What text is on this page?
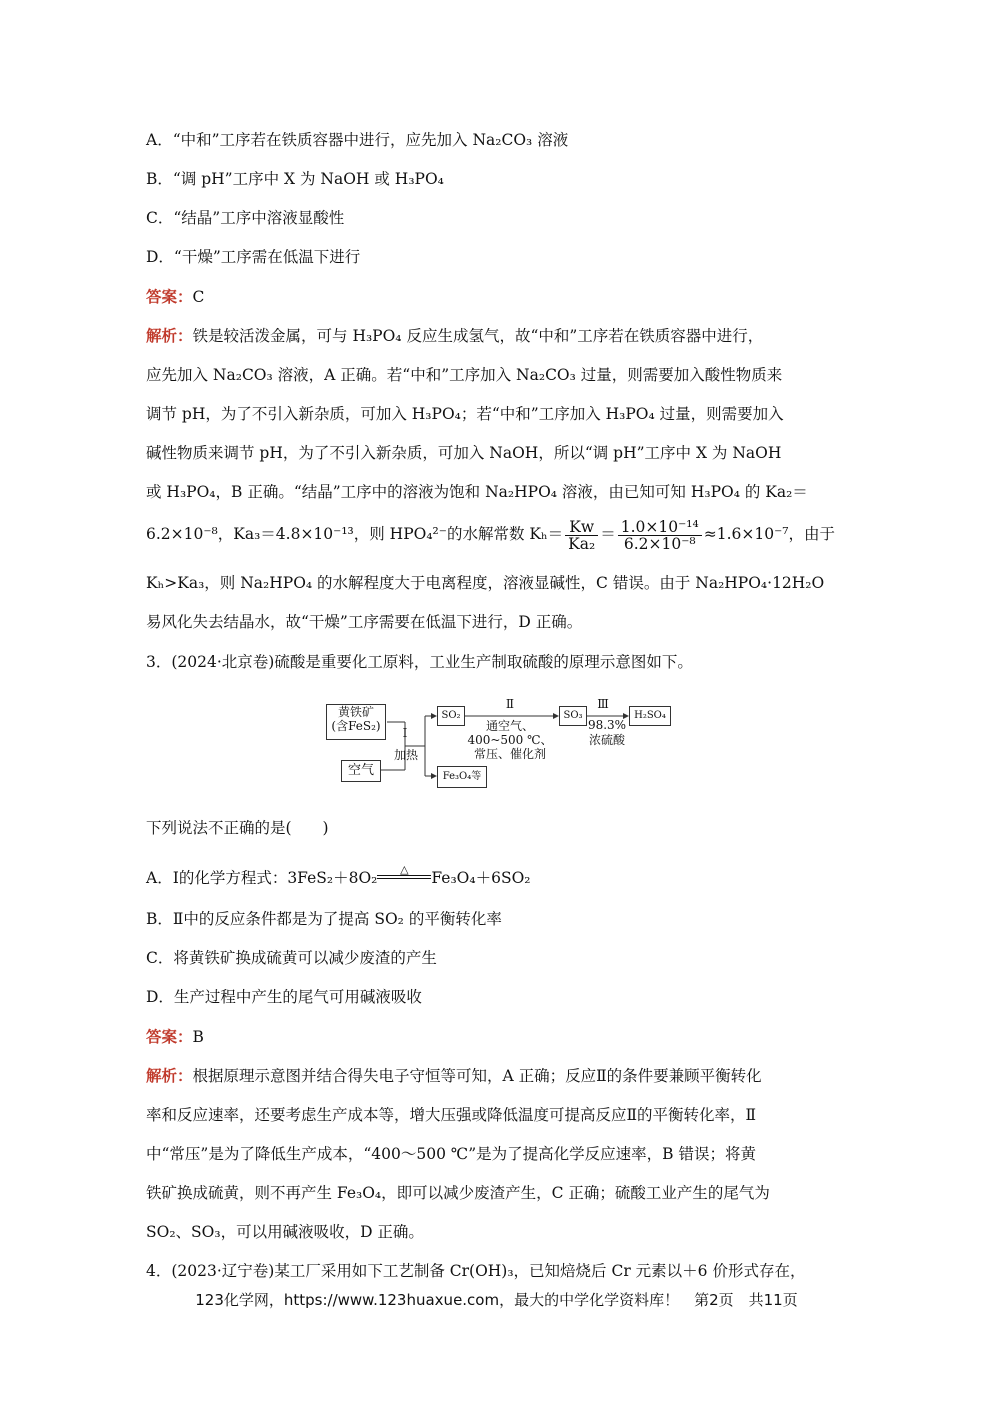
A．“中和”工序若在铁质容器中进行，应先加入 Na₂CO₃ 溶液
B．“调 pH”工序中 X 为 NaOH 或 H₃PO₄
C．“结晶”工序中溶液显酸性
D．“干燥”工序需在低温下进行
答案：C
解析：铁是较活泼金属，可与 H₃PO₄ 反应生成氢气，故“中和”工序若在铁质容器中进行，
应先加入 Na₂CO₃ 溶液，A 正确。若“中和”工序加入 Na₂CO₃ 过量，则需要加入酸性物质来
调节 pH，为了不引入新杂质，可加入 H₃PO₄；若“中和”工序加入 H₃PO₄ 过量，则需要加入
碱性物质来调节 pH，为了不引入新杂质，可加入 NaOH，所以“调 pH”工序中 X 为 NaOH
或 H₃PO₄，B 正确。“结晶”工序中的溶液为饱和 Na₂HPO₄ 溶液，由已知可知 H₃PO₄ 的 Ka₂＝
6.2×10⁻⁸，Ka₃＝4.8×10⁻¹³，则 HPO₄²⁻的水解常数 $K_h= \frac{Kw}{\text{Ka₂}} = \frac{\text{1.0×10⁻¹⁴}}{\text{6.2×10⁻⁸}} \approx 1.6\times 10^{-7}$，由于
Kₕ>Ka₃，则 Na₂HPO₄ 的水解程度大于电离程度，溶液显碱性，C 错误。由于 Na₂HPO₄·12H₂O
易风化失去结晶水，故“干燥”工序需要在低温下进行，D 正确。
3．(2024·北京卷)硫酸是重要化工原料，工业生产制取硫酸的原理示意图如下。
黄铁矿
(含FeS₂)
空气
Ⅰ
加热
SO₂
Fe₃O₄等
Ⅱ
通空气、
400~500 ℃、
常压、催化剂
SO₃
Ⅲ
98.3%
浓硫酸
H₂SO₄
下列说法不正确的是(　　)
A．Ⅰ的化学方程式：3FeS₂＋8O₂	△	Fe₃O₄＋6SO₂
B．Ⅱ中的反应条件都是为了提高 SO₂ 的平衡转化率
C．将黄铁矿换成硫黄可以减少废渣的产生
D．生产过程中产生的尾气可用碱液吸收
答案：B
解析：根据原理示意图并结合得失电子守恒等可知，A 正确；反应Ⅱ的条件要兼顾平衡转化
率和反应速率，还要考虑生产成本等，增大压强或降低温度可提高反应Ⅱ的平衡转化率，Ⅱ
中“常压”是为了降低生产成本，“400～500 ℃”是为了提高化学反应速率，B 错误；将黄
铁矿换成硫黄，则不再产生 Fe₃O₄，即可以减少废渣产生，C 正确；硫酸工业产生的尾气为
SO₂、SO₃，可以用碱液吸收，D 正确。
4．(2023·辽宁卷)某工厂采用如下工艺制备 Cr(OH)₃，已知焙烧后 Cr 元素以＋6 价形式存在，
123化学网，https://www.123huaxue.com，最大的中学化学资料库！　第2页　共11页
